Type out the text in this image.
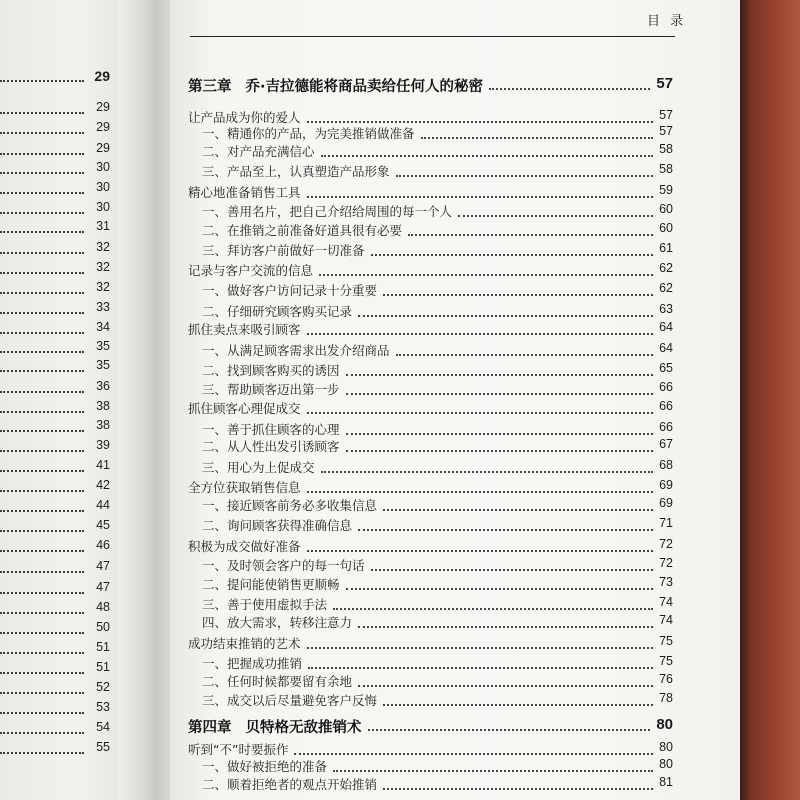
目 录
第三章 乔·吉拉德能将商品卖给任何人的秘密	57
让产品成为你的爱人	57
一、精通你的产品，为完美推销做准备	57
二、对产品充满信心	58
三、产品至上，认真塑造产品形象	58
精心地准备销售工具	59
一、善用名片，把自己介绍给周围的每一个人	60
二、在推销之前准备好道具很有必要	60
三、拜访客户前做好一切准备	61
记录与客户交流的信息	62
一、做好客户访问记录十分重要	62
二、仔细研究顾客购买记录	63
抓住卖点来吸引顾客	64
一、从满足顾客需求出发介绍商品	64
二、找到顾客购买的诱因	65
三、帮助顾客迈出第一步	66
抓住顾客心理促成交	66
一、善于抓住顾客的心理	66
二、从人性出发引诱顾客	67
三、用心为上促成交	68
全方位获取销售信息	69
一、接近顾客前务必多收集信息	69
二、询问顾客获得准确信息	71
积极为成交做好准备	72
一、及时领会客户的每一句话	72
二、提问能使销售更顺畅	73
三、善于使用虚拟手法	74
四、放大需求，转移注意力	74
成功结束推销的艺术	75
一、把握成功推销	75
二、任何时候都要留有余地	76
三、成交以后尽量避免客户反悔	78
第四章 贝特格无敌推销术	80
听到“不”时要振作	80
一、做好被拒绝的准备	80
二、顺着拒绝者的观点开始推销	81
29
29
29
29
30
30
30
31
32
32
32
33
34
35
35
36
38
38
39
41
42
44
45
46
47
47
48
50
51
51
52
53
54
55
